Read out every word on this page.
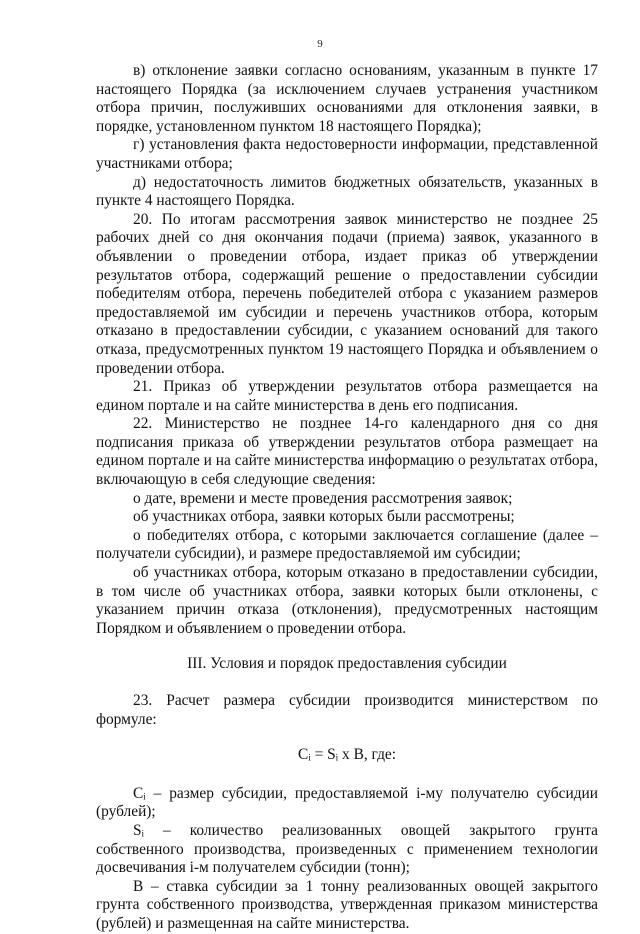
9

в) отклонение заявки согласно основаниям, указанным в пункте 17 настоящего Порядка (за исключением случаев устранения участником отбора причин, послуживших основаниями для отклонения заявки, в порядке, установленном пунктом 18 настоящего Порядка);

г) установления факта недостоверности информации, представленной участниками отбора;

д) недостаточность лимитов бюджетных обязательств, указанных в пункте 4 настоящего Порядка.

20. По итогам рассмотрения заявок министерство не позднее 25 рабочих дней со дня окончания подачи (приема) заявок, указанного в объявлении о проведении отбора, издает приказ об утверждении результатов отбора, содержащий решение о предоставлении субсидии победителям отбора, перечень победителей отбора с указанием размеров предоставляемой им субсидии и перечень участников отбора, которым отказано в предоставлении субсидии, с указанием оснований для такого отказа, предусмотренных пунктом 19 настоящего Порядка и объявлением о проведении отбора.

21. Приказ об утверждении результатов отбора размещается на едином портале и на сайте министерства в день его подписания.

22. Министерство не позднее 14-го календарного дня со дня подписания приказа об утверждении результатов отбора размещает на едином портале и на сайте министерства информацию о результатах отбора, включающую в себя следующие сведения:

о дате, времени и месте проведения рассмотрения заявок;

об участниках отбора, заявки которых были рассмотрены;

о победителях отбора, с которыми заключается соглашение (далее – получатели субсидии), и размере предоставляемой им субсидии;

об участниках отбора, которым отказано в предоставлении субсидии, в том числе об участниках отбора, заявки которых были отклонены, с указанием причин отказа (отклонения), предусмотренных настоящим Порядком и объявлением о проведении отбора.

III. Условия и порядок предоставления субсидии

23. Расчет размера субсидии производится министерством по формуле:

Cᵢ = Sᵢ x B, где:

Cᵢ – размер субсидии, предоставляемой i-му получателю субсидии (рублей);

Sᵢ – количество реализованных овощей закрытого грунта собственного производства, произведенных с применением технологии досвечивания i-м получателем субсидии (тонн);

B – ставка субсидии за 1 тонну реализованных овощей закрытого грунта собственного производства, утвержденная приказом министерства (рублей) и размещенная на сайте министерства.
